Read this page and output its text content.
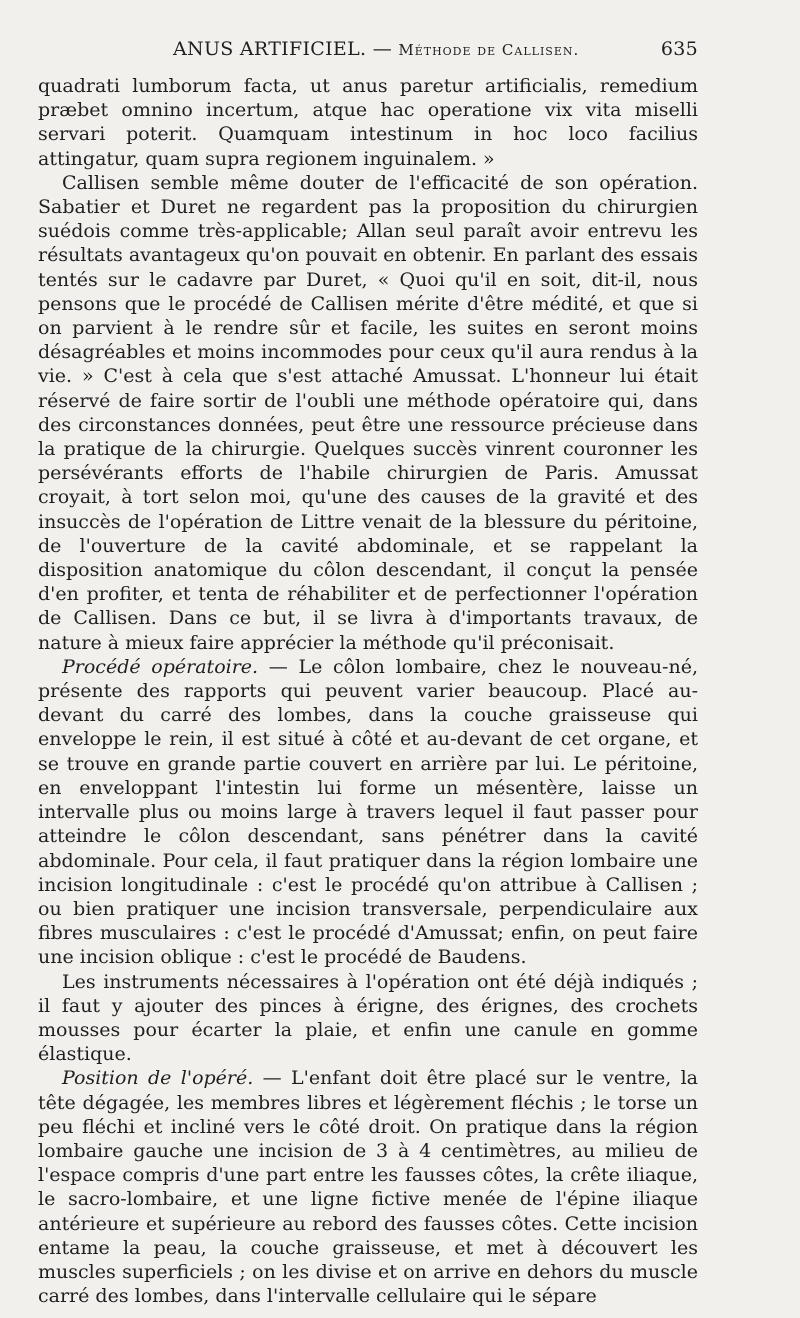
ANUS ARTIFICIEL. — Méthode de Callisen.	635

quadrati lumborum facta, ut anus paretur artificialis, remedium præbet omnino incertum, atque hac operatione vix vita miselli servari poterit. Quamquam intestinum in hoc loco facilius attingatur, quam supra regionem inguinalem. »

Callisen semble même douter de l'efficacité de son opération. Sabatier et Duret ne regardent pas la proposition du chirurgien suédois comme très-applicable; Allan seul paraît avoir entrevu les résultats avantageux qu'on pouvait en obtenir. En parlant des essais tentés sur le cadavre par Duret, « Quoi qu'il en soit, dit-il, nous pensons que le procédé de Callisen mérite d'être médité, et que si on parvient à le rendre sûr et facile, les suites en seront moins désagréables et moins incommodes pour ceux qu'il aura rendus à la vie. » C'est à cela que s'est attaché Amussat. L'honneur lui était réservé de faire sortir de l'oubli une méthode opératoire qui, dans des circonstances données, peut être une ressource précieuse dans la pratique de la chirurgie. Quelques succès vinrent couronner les persévérants efforts de l'habile chirurgien de Paris. Amussat croyait, à tort selon moi, qu'une des causes de la gravité et des insuccès de l'opération de Littre venait de la blessure du péritoine, de l'ouverture de la cavité abdominale, et se rappelant la disposition anatomique du côlon descendant, il conçut la pensée d'en profiter, et tenta de réhabiliter et de perfectionner l'opération de Callisen. Dans ce but, il se livra à d'importants travaux, de nature à mieux faire apprécier la méthode qu'il préconisait.

Procédé opératoire. — Le côlon lombaire, chez le nouveau-né, présente des rapports qui peuvent varier beaucoup. Placé au-devant du carré des lombes, dans la couche graisseuse qui enveloppe le rein, il est situé à côté et au-devant de cet organe, et se trouve en grande partie couvert en arrière par lui. Le péritoine, en enveloppant l'intestin lui forme un mésentère, laisse un intervalle plus ou moins large à travers lequel il faut passer pour atteindre le côlon descendant, sans pénétrer dans la cavité abdominale. Pour cela, il faut pratiquer dans la région lombaire une incision longitudinale : c'est le procédé qu'on attribue à Callisen ; ou bien pratiquer une incision transversale, perpendiculaire aux fibres musculaires : c'est le procédé d'Amussat; enfin, on peut faire une incision oblique : c'est le procédé de Baudens.

Les instruments nécessaires à l'opération ont été déjà indiqués ; il faut y ajouter des pinces à érigne, des érignes, des crochets mousses pour écarter la plaie, et enfin une canule en gomme élastique.

Position de l'opéré. — L'enfant doit être placé sur le ventre, la tête dégagée, les membres libres et légèrement fléchis ; le torse un peu fléchi et incliné vers le côté droit. On pratique dans la région lombaire gauche une incision de 3 à 4 centimètres, au milieu de l'espace compris d'une part entre les fausses côtes, la crête iliaque, le sacro-lombaire, et une ligne fictive menée de l'épine iliaque antérieure et supérieure au rebord des fausses côtes. Cette incision entame la peau, la couche graisseuse, et met à découvert les muscles superficiels ; on les divise et on arrive en dehors du muscle carré des lombes, dans l'intervalle cellulaire qui le sépare
